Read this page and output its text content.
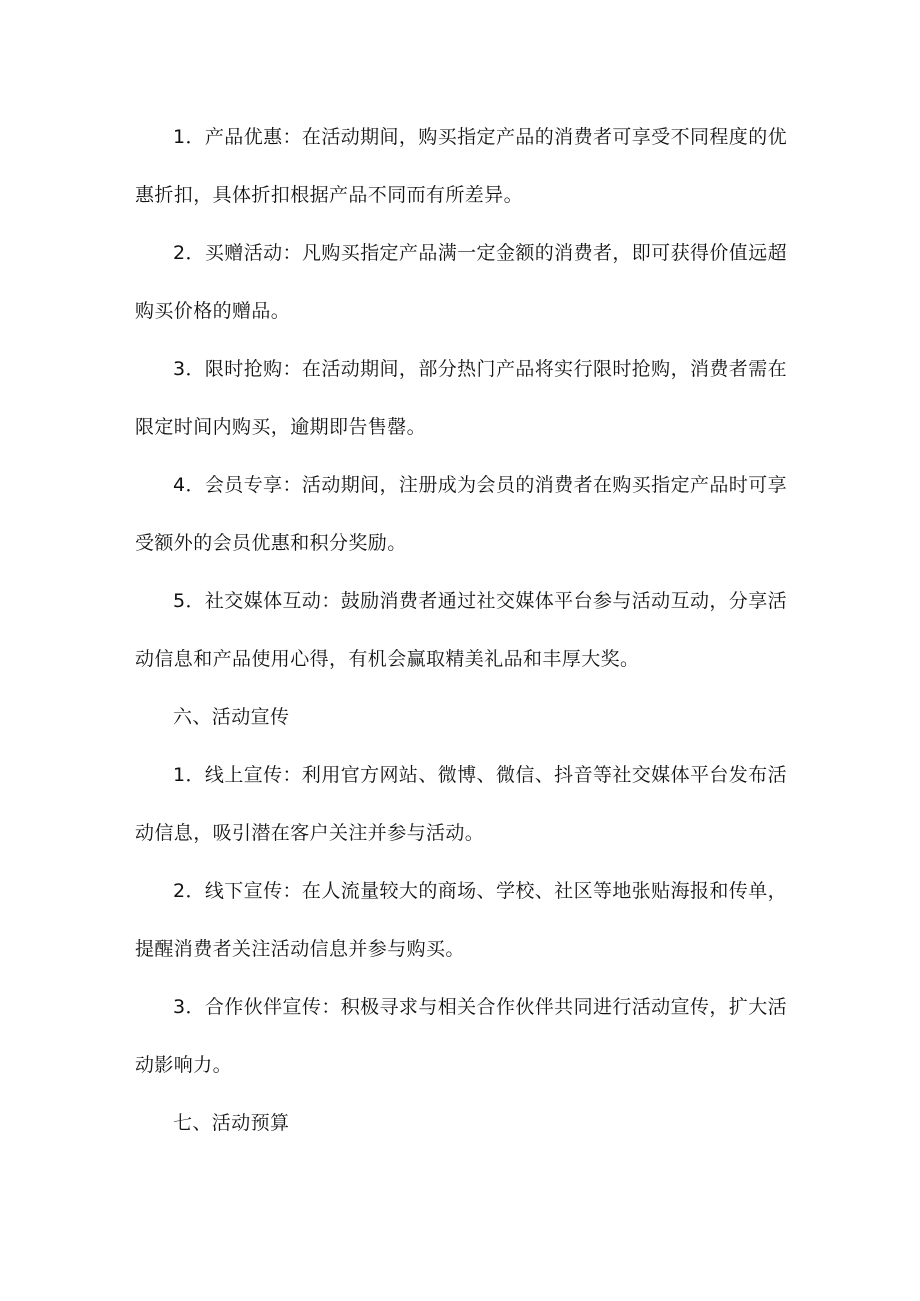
1．产品优惠：在活动期间，购买指定产品的消费者可享受不同程度的优惠折扣，具体折扣根据产品不同而有所差异。

2．买赠活动：凡购买指定产品满一定金额的消费者，即可获得价值远超购买价格的赠品。

3．限时抢购：在活动期间，部分热门产品将实行限时抢购，消费者需在限定时间内购买，逾期即告售罄。

4．会员专享：活动期间，注册成为会员的消费者在购买指定产品时可享受额外的会员优惠和积分奖励。

5．社交媒体互动：鼓励消费者通过社交媒体平台参与活动互动，分享活动信息和产品使用心得，有机会赢取精美礼品和丰厚大奖。

六、活动宣传

1．线上宣传：利用官方网站、微博、微信、抖音等社交媒体平台发布活动信息，吸引潜在客户关注并参与活动。

2．线下宣传：在人流量较大的商场、学校、社区等地张贴海报和传单，提醒消费者关注活动信息并参与购买。

3．合作伙伴宣传：积极寻求与相关合作伙伴共同进行活动宣传，扩大活动影响力。

七、活动预算
